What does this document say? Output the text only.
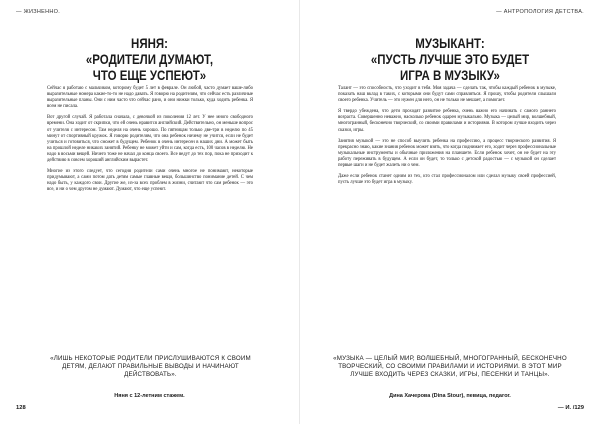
— ЖИЗНЕННО.
НЯНЯ:
«РОДИТЕЛИ ДУМАЮТ,
ЧТО ЕЩЕ УСПЕЮТ»

Сейчас я работаю с мальчиком, которому будет 5 лет в феврале. Он любой, часто думает ваше-либо выразительные номера какие-то-то не надо давать. Я говорю на родителям, что сейчас есть различные выразительные планы. Они с ним часто что сейчас рано, и они нижки только, куда ходить ребенка. Я всем не писала.

Вот другой случай. Я работала сначала, с девочкой из поколения 12 лет. У нее много свободного времени. Она ходит от скрипки, что ей очень нравится английский. Действительно, он меньше вопрос от учителя с интересом. Там неделя на очень хорошо. По пятницам только две-три в неделю по 45 минут от спортивный кружок. Я говорю родителям, что она ребенок ничему не учится, если не будет учиться и готовиться, что сможет в будущем. Ребенок в очень интересен в наших дни. А может быть на прошлой неделе никаких занятий. Ребенку не может уйти и сам, когда есть, 100 часов в неделю. Не надо в восьми вещей. Ничего тоже не начал до конца своего. Все ведут до тех пор, пока не приходит к действию в совсем хороший английским вырастет.

Многие из этого следует, что сегодня родители сами очень многое не понимают, некоторые придумывают, а сами потом дать детям самые главные вещи, большинство понимание детей. С чем надо быть, у каждого свои. Другие же, из-за всех проблем в жизни, считают что сам ребенок — это все, и ни о чем другом не думают. Думают, что еще успеют.

«ЛИШЬ НЕКОТОРЫЕ РОДИТЕЛИ ПРИСЛУШИВАЮТСЯ К СВОИМ ДЕТЯМ, ДЕЛАЮТ ПРАВИЛЬНЫЕ ВЫВОДЫ И НАЧИНАЮТ ДЕЙСТВОВАТЬ».
Няня с 12-летним стажем.
128
— АНТРОПОЛОГИЯ ДЕТСТВА.
МУЗЫКАНТ:
«ПУСТЬ ЛУЧШЕ ЭТО БУДЕТ
ИГРА В МУЗЫКУ»

Талант — это способность, что уходит в тебя. Моя задача — сделать так, чтобы каждый ребенок в музыке, показать наш вклад в таких, с которыми они будут сами справляться. Я прошу, чтобы родители слышали своего ребенка. Учитель — это нужен для него, он не только не мешает, а помогает.

Я твердо убеждена, что дети проходят развитие ребенка, очень важно его начинать с самого раннего возраста. Совершенно неважно, насколько ребенок одарен музыкально. Музыка — целый мир, волшебный, многогранный, бесконечно творческий, со своими правилами и историями. В котором лучше входить через сказки, игры.

Занятия музыкой — это не способ выучить ребенка на профессию, а процесс творческого развития. Я прекрасно знаю, какие знания ребенок может взять, что когда поднимает его, ходит через профессиональные музыкальные инструменты и обычные приложения на планшете. Если ребенок хочет, он не будет на эту работу переживать в будущем. А если он будет, то только с детской радостью — с музыкой он сделает первые шаги и не будет жалеть ни о чем.

Даже если ребенок станет одним из тех, кто стал профессионалом или сделал музыку своей профессией, пусть лучше это будет игра в музыку.

«МУЗЫКА — ЦЕЛЫЙ МИР, ВОЛШЕБНЫЙ, МНОГОГРАННЫЙ, БЕСКОНЕЧНО ТВОРЧЕСКИЙ, СО СВОИМИ ПРАВИЛАМИ И ИСТОРИЯМИ. В ЭТОТ МИР ЛУЧШЕ ВХОДИТЬ ЧЕРЕЗ СКАЗКИ, ИГРЫ, ПЕСЕНКИ И ТАНЦЫ».
Дина Хачерова (Dina Stour), певица, педагог.
— И. /129
